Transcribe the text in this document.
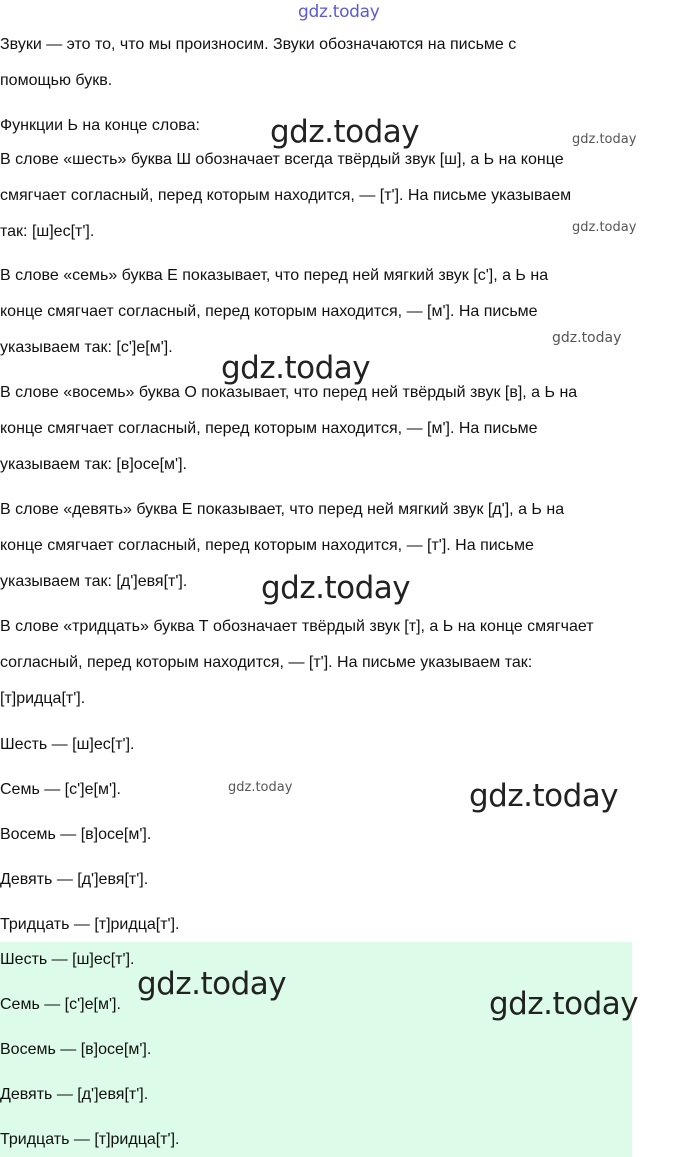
gdz.today

Звуки — это то, что мы произносим. Звуки обозначаются на письме с
помощью букв.

Функции Ь на конце слова:

В слове «шесть» буква Ш обозначает всегда твёрдый звук [ш], а Ь на конце
смягчает согласный, перед которым находится, — [т']. На письме указываем
так: [ш]ес[т'].

В слове «семь» буква Е показывает, что перед ней мягкий звук [с'], а Ь на
конце смягчает согласный, перед которым находится, — [м']. На письме
указываем так: [с']е[м'].

В слове «восемь» буква О показывает, что перед ней твёрдый звук [в], а Ь на
конце смягчает согласный, перед которым находится, — [м']. На письме
указываем так: [в]осе[м'].

В слове «девять» буква Е показывает, что перед ней мягкий звук [д'], а Ь на
конце смягчает согласный, перед которым находится, — [т']. На письме
указываем так: [д']евя[т'].

В слове «тридцать» буква Т обозначает твёрдый звук [т], а Ь на конце смягчает
согласный, перед которым находится, — [т']. На письме указываем так:
[т]ридца[т'].

Шесть — [ш]ес[т'].

Семь — [с']е[м'].

Восемь — [в]осе[м'].

Девять — [д']евя[т'].

Тридцать — [т]ридца[т'].

Шесть — [ш]ес[т'].

Семь — [с']е[м'].

Восемь — [в]осе[м'].

Девять — [д']евя[т'].

Тридцать — [т]ридца[т'].

gdz.today	gdz.today
gdz.today
gdz.today
gdz.today
gdz.today
gdz.today	gdz.today
gdz.today
gdz.today
